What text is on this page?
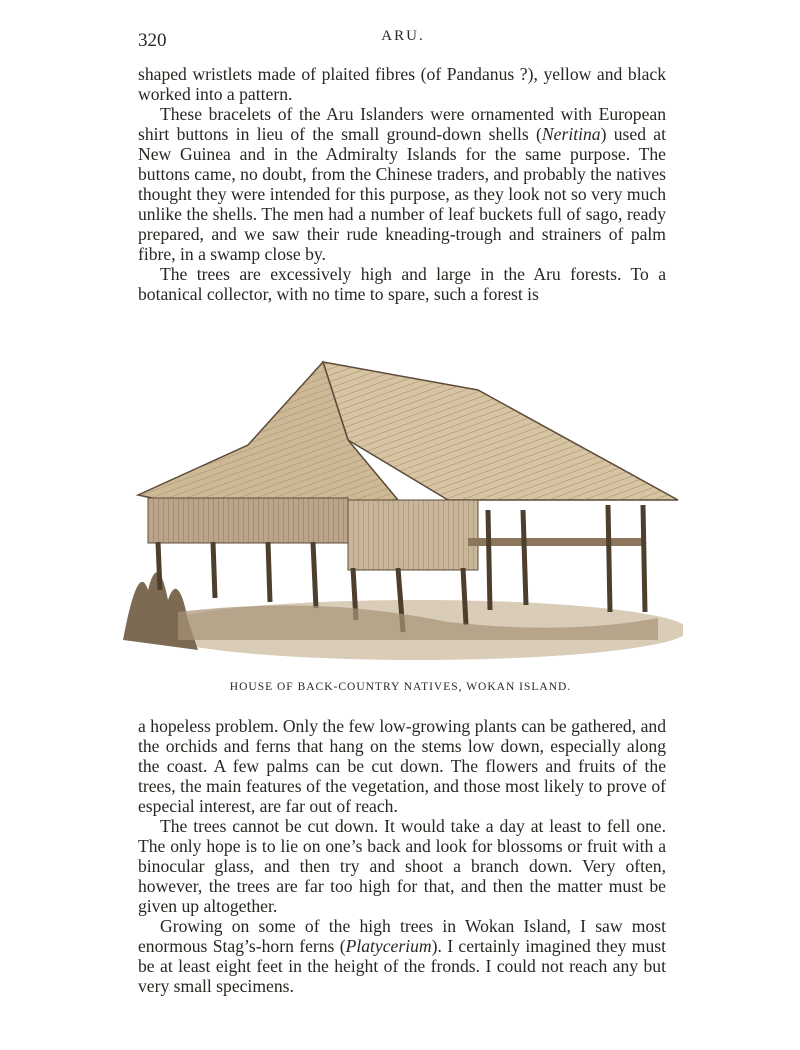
320	ARU.

shaped wristlets made of plaited fibres (of Pandanus ?), yellow and black worked into a pattern.

These bracelets of the Aru Islanders were ornamented with European shirt buttons in lieu of the small ground-down shells (Neritina) used at New Guinea and in the Admiralty Islands for the same purpose. The buttons came, no doubt, from the Chinese traders, and probably the natives thought they were intended for this purpose, as they look not so very much unlike the shells. The men had a number of leaf buckets full of sago, ready prepared, and we saw their rude kneading-trough and strainers of palm fibre, in a swamp close by.

The trees are excessively high and large in the Aru forests. To a botanical collector, with no time to spare, such a forest is

HOUSE OF BACK-COUNTRY NATIVES, WOKAN ISLAND.

a hopeless problem. Only the few low-growing plants can be gathered, and the orchids and ferns that hang on the stems low down, especially along the coast. A few palms can be cut down. The flowers and fruits of the trees, the main features of the vegetation, and those most likely to prove of especial interest, are far out of reach.

The trees cannot be cut down. It would take a day at least to fell one. The only hope is to lie on one’s back and look for blossoms or fruit with a binocular glass, and then try and shoot a branch down. Very often, however, the trees are far too high for that, and then the matter must be given up altogether.

Growing on some of the high trees in Wokan Island, I saw most enormous Stag’s-horn ferns (Platycerium). I certainly imagined they must be at least eight feet in the height of the fronds. I could not reach any but very small specimens.
